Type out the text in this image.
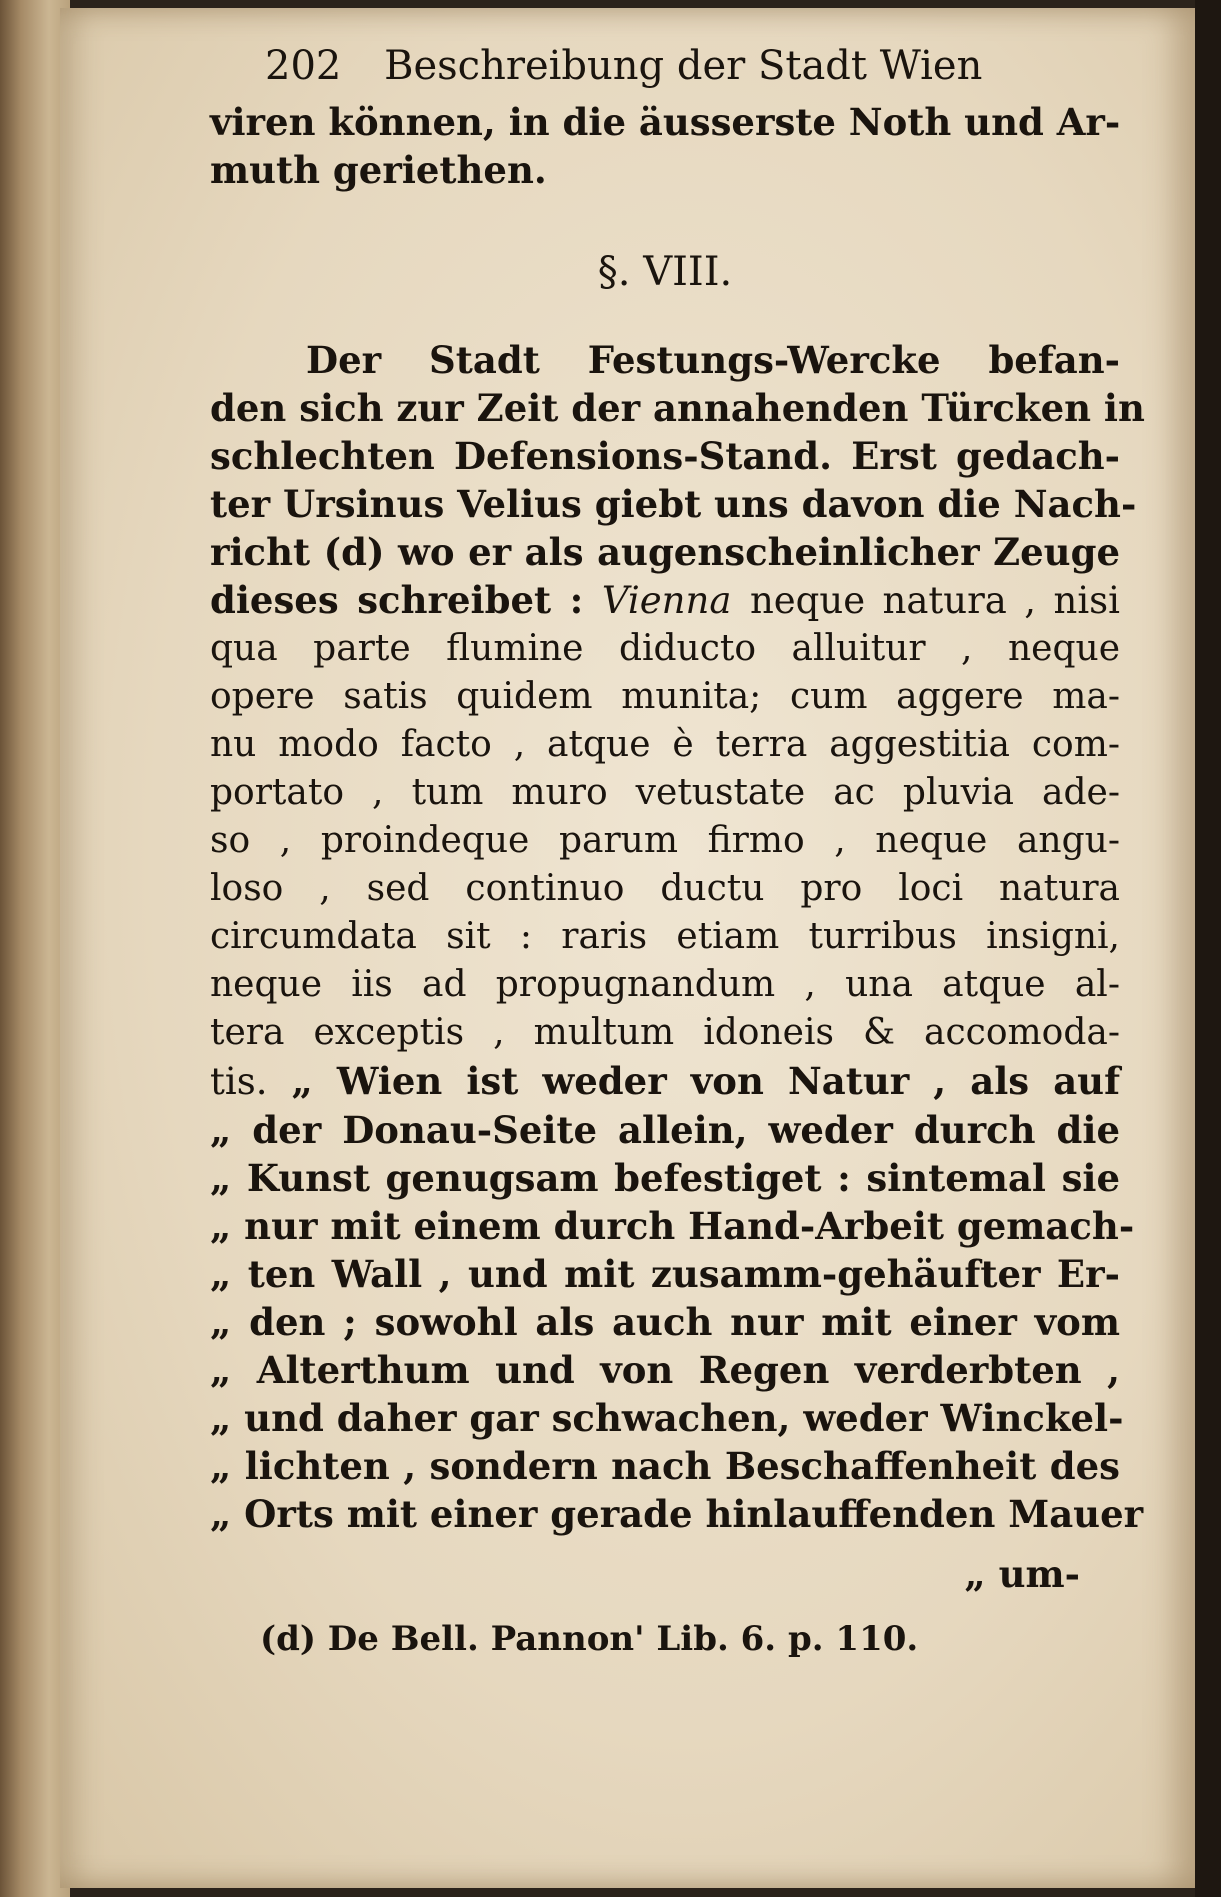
202 Beschreibung der Stadt Wien
viren können, in die äusserste Noth und Ar-
muth geriethen.
§. VIII.
Der Stadt Festungs-Wercke befan-
den sich zur Zeit der annahenden Türcken in
schlechten Defensions-Stand. Erst gedach-
ter Ursinus Velius giebt uns davon die Nach-
richt (d) wo er als augenscheinlicher Zeuge
dieses schreibet : Vienna neque natura , nisi
qua parte flumine diducto alluitur , neque
opere satis quidem munita; cum aggere ma-
nu modo facto , atque è terra aggestitia com-
portato , tum muro vetustate ac pluvia ade-
so , proindeque parum firmo , neque angu-
loso , sed continuo ductu pro loci natura
circumdata sit : raris etiam turribus insigni,
neque iis ad propugnandum , una atque al-
tera exceptis , multum idoneis & accomoda-
tis. „ Wien ist weder von Natur , als auf
„ der Donau-Seite allein, weder durch die
„ Kunst genugsam befestiget : sintemal sie
„ nur mit einem durch Hand-Arbeit gemach-
„ ten Wall , und mit zusamm-gehäufter Er-
„ den ; sowohl als auch nur mit einer vom
„ Alterthum und von Regen verderbten ,
„ und daher gar schwachen, weder Winckel-
„ lichten , sondern nach Beschaffenheit des
„ Orts mit einer gerade hinlauffenden Mauer
„ um-
(d) De Bell. Pannon' Lib. 6. p. 110.
